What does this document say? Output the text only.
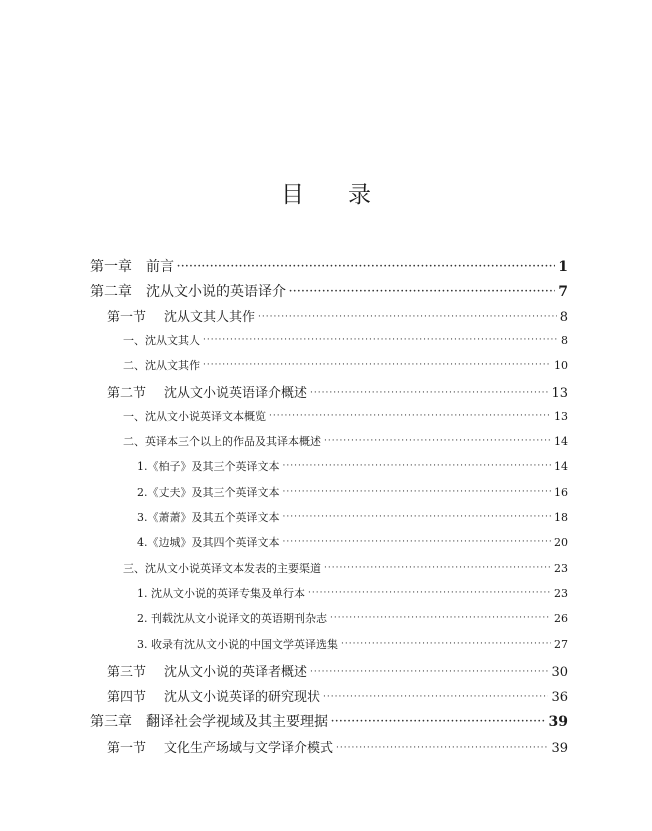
目 录
第一章 前言 ·····	1
第二章 沈从文小说的英语译介 ·····	7
第一节 沈从文其人其作 ·····	8
一、沈从文其人 ·····	8
二、沈从文其作 ·····	10
第二节 沈从文小说英语译介概述 ·····	13
一、沈从文小说英译文本概览 ·····	13
二、英译本三个以上的作品及其译本概述 ·····	14
1.《柏子》及其三个英译文本 ·····	14
2.《丈夫》及其三个英译文本 ·····	16
3.《萧萧》及其五个英译文本 ·····	18
4.《边城》及其四个英译文本 ·····	20
三、沈从文小说英译文本发表的主要渠道 ·····	23
1. 沈从文小说的英译专集及单行本 ·····	23
2. 刊载沈从文小说译文的英语期刊杂志 ·····	26
3. 收录有沈从文小说的中国文学英译选集 ·····	27
第三节 沈从文小说的英译者概述 ·····	30
第四节 沈从文小说英译的研究现状 ·····	36
第三章 翻译社会学视域及其主要理据 ·····	39
第一节 文化生产场域与文学译介模式 ·····	39
